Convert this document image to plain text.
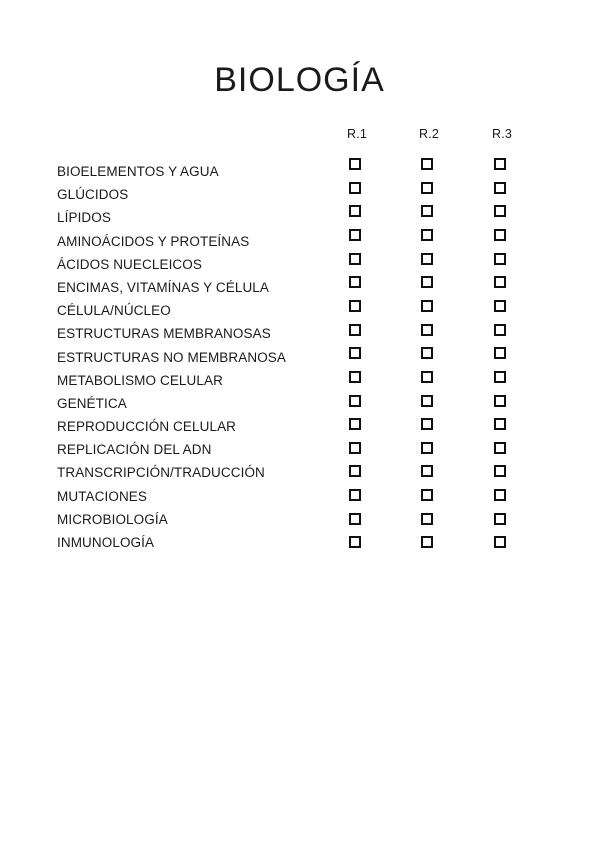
BIOLOGÍA
R.1	R.2	R.3
BIOELEMENTOS Y AGUA
GLÚCIDOS
LÍPIDOS
AMINOÁCIDOS Y PROTEÍNAS
ÁCIDOS NUECLEICOS
ENCIMAS, VITAMÍNAS Y CÉLULA
CÉLULA/NÚCLEO
ESTRUCTURAS MEMBRANOSAS
ESTRUCTURAS NO MEMBRANOSA
METABOLISMO CELULAR
GENÉTICA
REPRODUCCIÓN CELULAR
REPLICACIÓN DEL ADN
TRANSCRIPCIÓN/TRADUCCIÓN
MUTACIONES
MICROBIOLOGÍA
INMUNOLOGÍA
